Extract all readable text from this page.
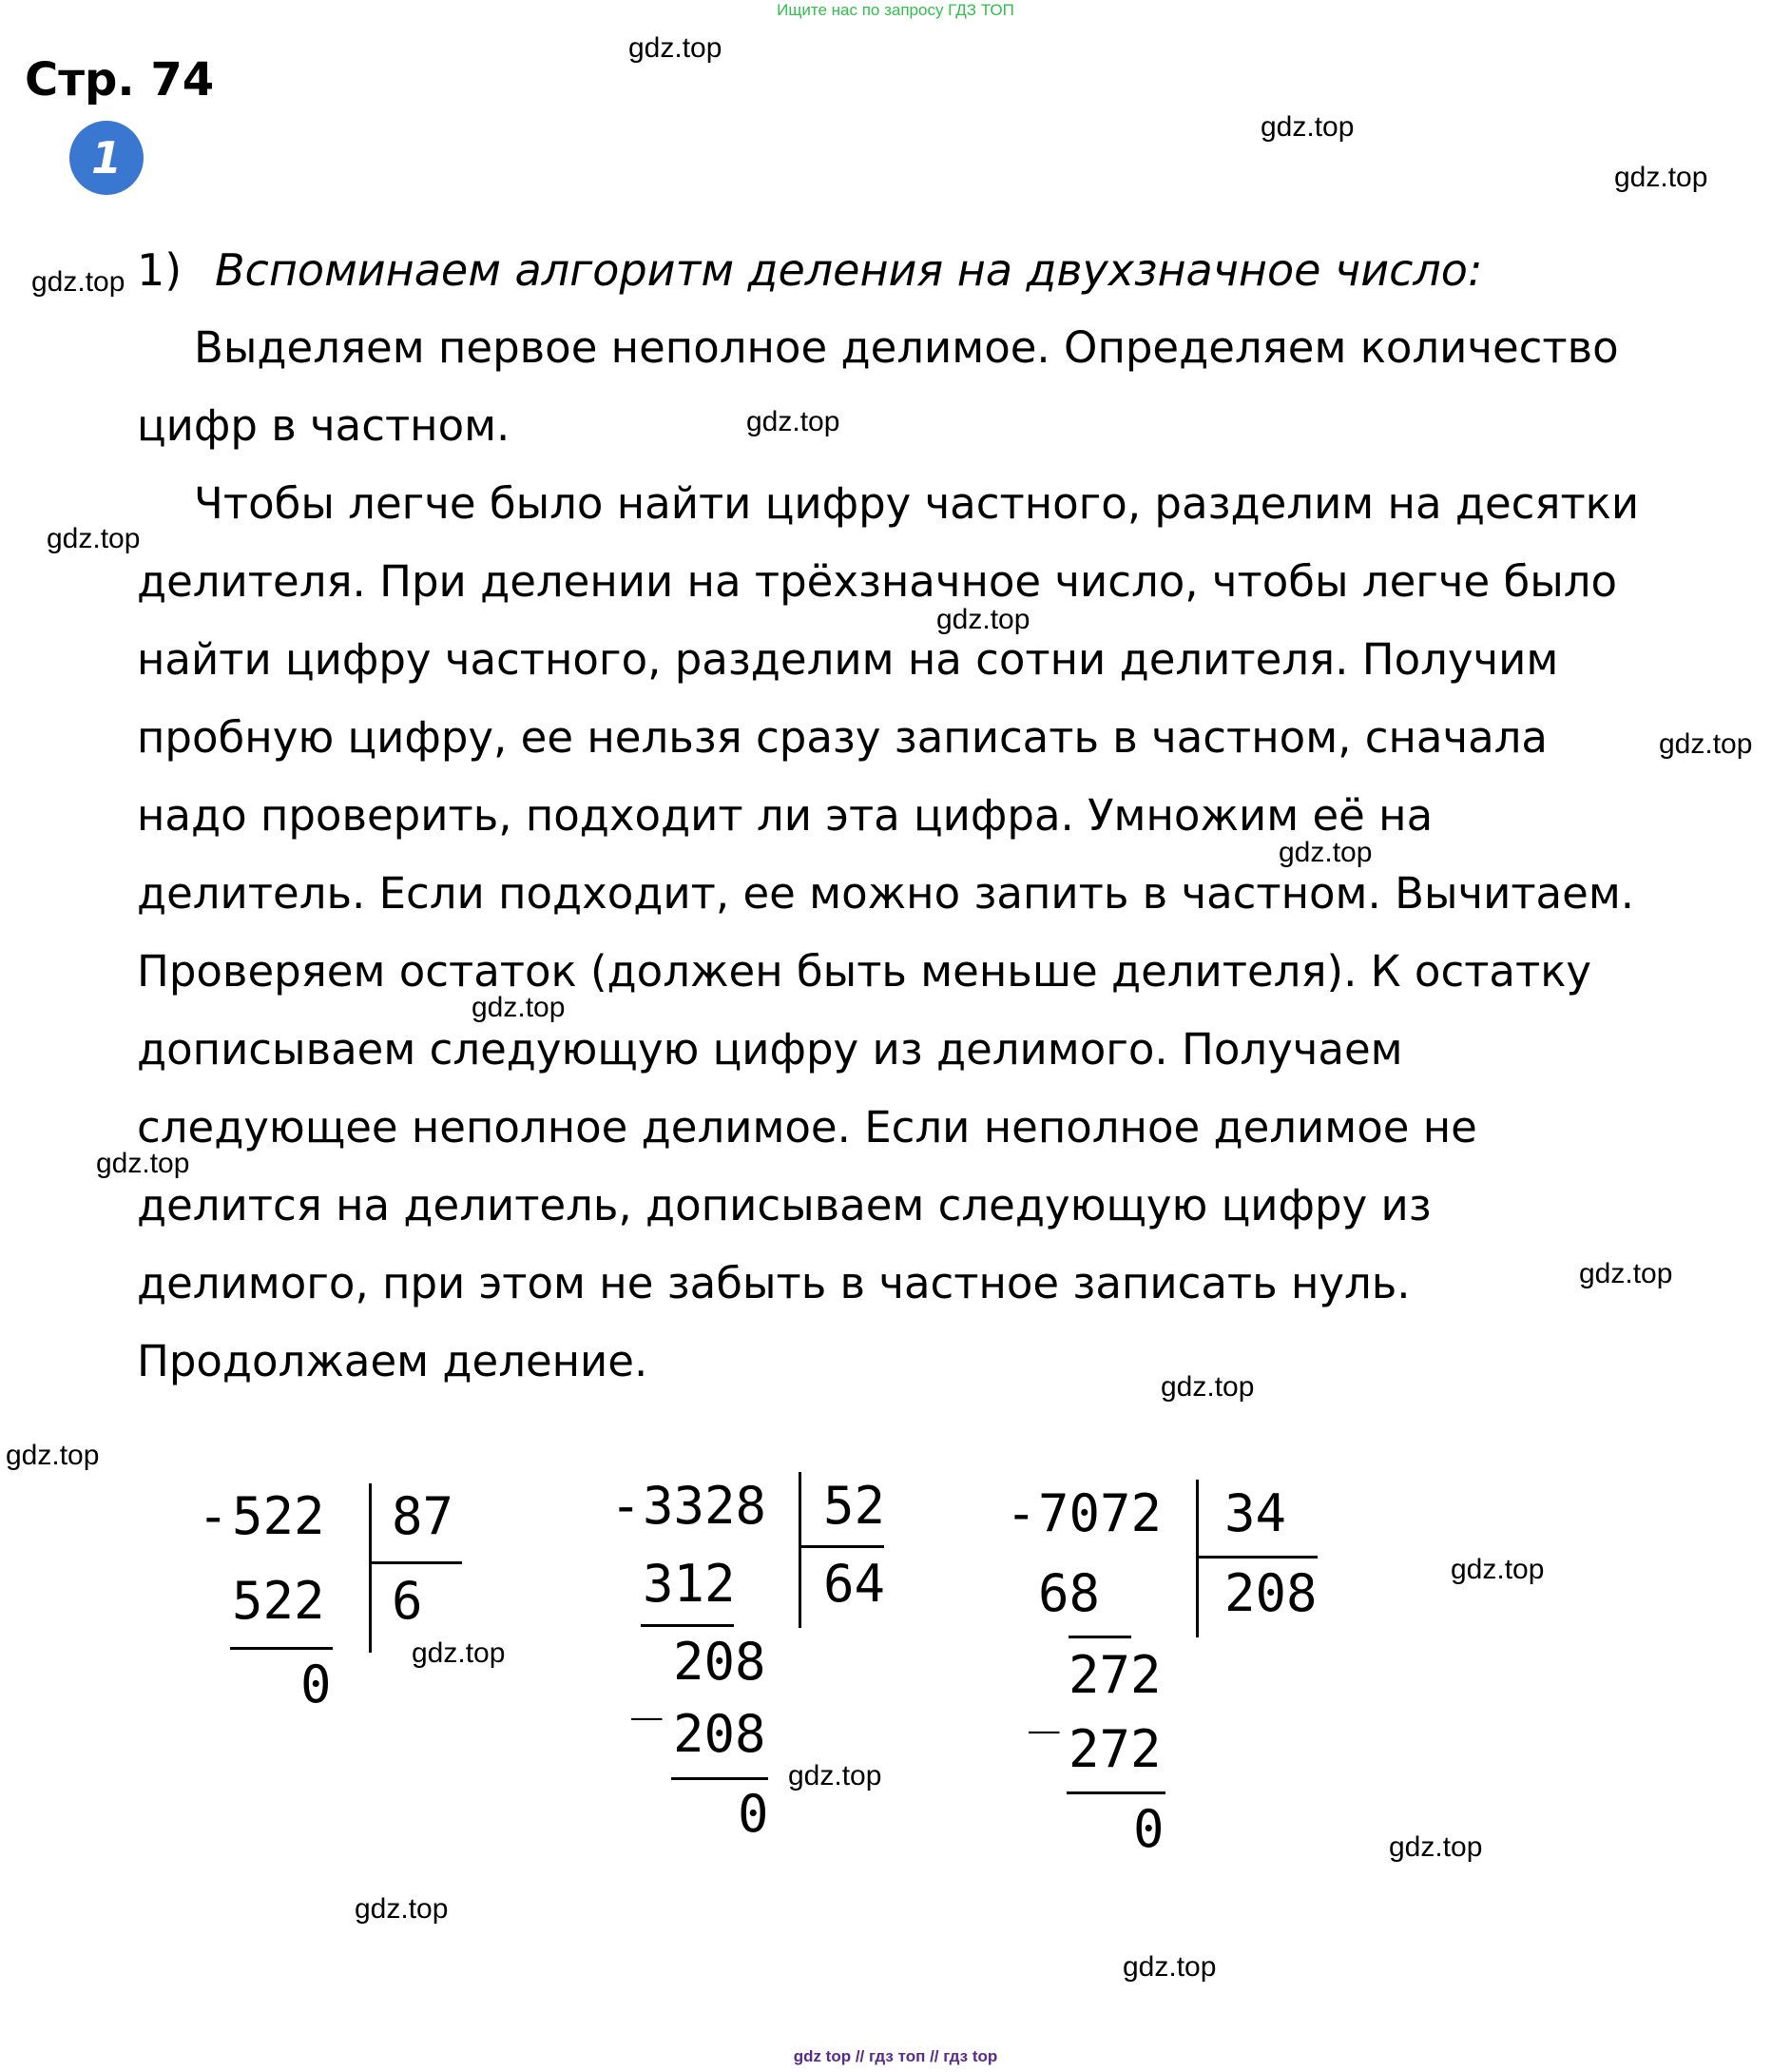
Ищите нас по запросу ГДЗ ТОП
Стр. 74
1
1) Вспоминаем алгоритм деления на двухзначное число:
Выделяем первое неполное делимое. Определяем количество
цифр в частном.
Чтобы легче было найти цифру частного, разделим на десятки
делителя. При делении на трёхзначное число, чтобы легче было
найти цифру частного, разделим на сотни делителя. Получим
пробную цифру, ее нельзя сразу записать в частном, сначала
надо проверить, подходит ли эта цифра. Умножим её на
делитель. Если подходит, ее можно запить в частном. Вычитаем.
Проверяем остаток (должен быть меньше делителя). К остатку
дописываем следующую цифру из делимого. Получаем
следующее неполное делимое. Если неполное делимое не
делится на делитель, дописываем следующую цифру из
делимого, при этом не забыть в частное записать нуль.
Продолжаем деление.
- 522 87
522 6
0
- 3328 52
312 64
_ 208
208
0
- 7072 34
68 208
_ 272
272
0
gdz.top
gdz.top
gdz.top
gdz.top
gdz.top
gdz.top
gdz.top
gdz.top
gdz.top
gdz.top
gdz.top
gdz.top
gdz.top
gdz.top
gdz.top
gdz.top
gdz.top
gdz.top
gdz.top
gdz.top
gdz top // гдз топ // гдз top
